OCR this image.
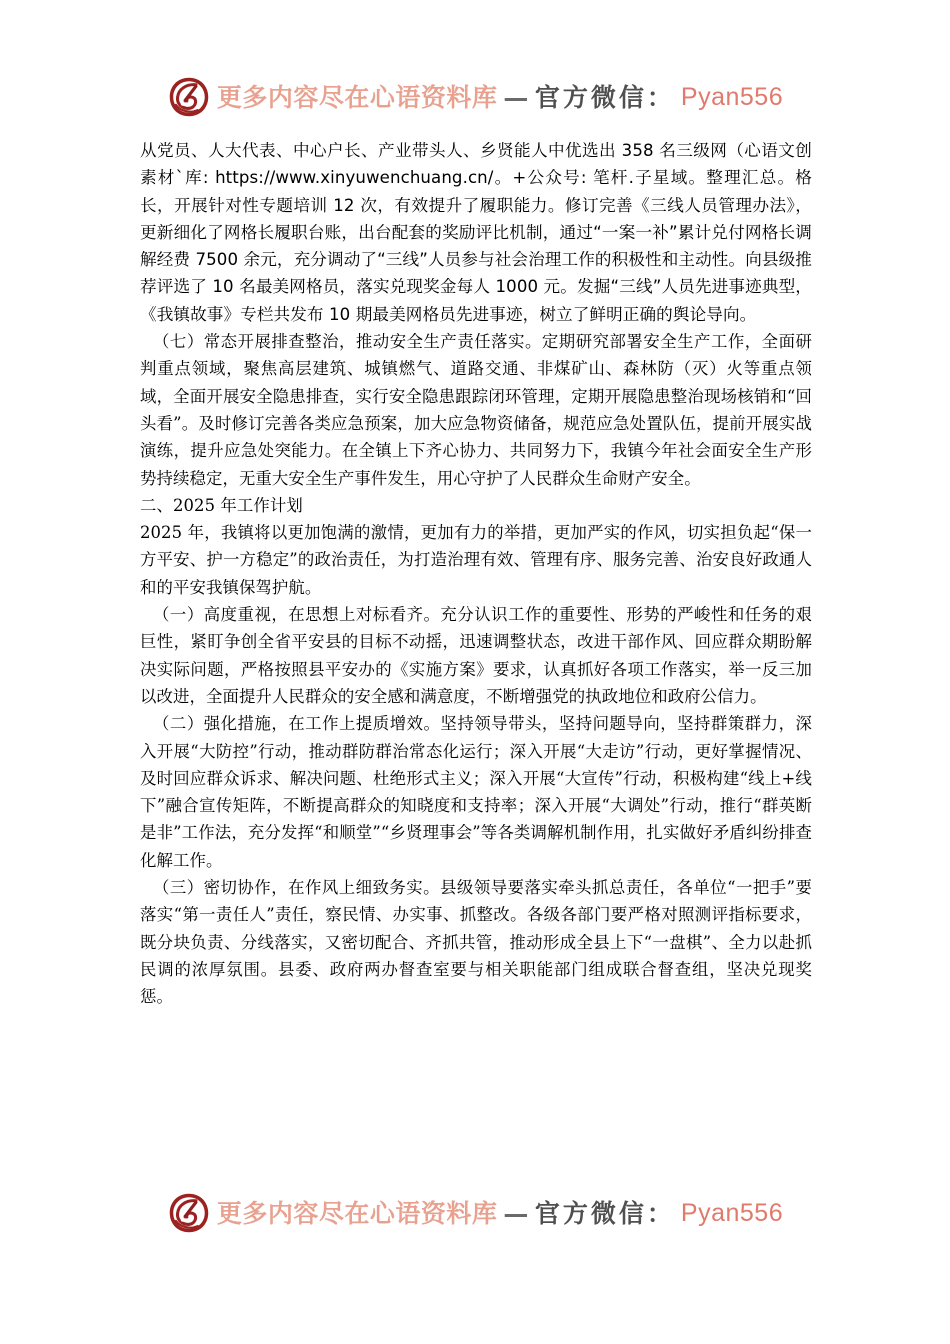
更多内容尽在心语资料库 — 官方微信： Pyan556

从党员、人大代表、中心户长、产业带头人、乡贤能人中优选出 358 名三级网（心语文创素材`库: https://www.xinyuwenchuang.cn/。+公众号: 笔杆.子星域。整理汇总。格长，开展针对性专题培训 12 次，有效提升了履职能力。修订完善《三线人员管理办法》，更新细化了网格长履职台账，出台配套的奖励评比机制，通过“一案一补”累计兑付网格长调解经费 7500 余元，充分调动了“三线”人员参与社会治理工作的积极性和主动性。向县级推荐评选了 10 名最美网格员，落实兑现奖金每人 1000 元。发掘“三线”人员先进事迹典型，《我镇故事》专栏共发布 10 期最美网格员先进事迹，树立了鲜明正确的舆论导向。

（七）常态开展排查整治，推动安全生产责任落实。定期研究部署安全生产工作，全面研判重点领域，聚焦高层建筑、城镇燃气、道路交通、非煤矿山、森林防（灭）火等重点领域，全面开展安全隐患排查，实行安全隐患跟踪闭环管理，定期开展隐患整治现场核销和“回头看”。及时修订完善各类应急预案，加大应急物资储备，规范应急处置队伍，提前开展实战演练，提升应急处突能力。在全镇上下齐心协力、共同努力下，我镇今年社会面安全生产形势持续稳定，无重大安全生产事件发生，用心守护了人民群众生命财产安全。

二、2025 年工作计划

2025 年，我镇将以更加饱满的激情，更加有力的举措，更加严实的作风，切实担负起“保一方平安、护一方稳定”的政治责任，为打造治理有效、管理有序、服务完善、治安良好政通人和的平安我镇保驾护航。

（一）高度重视，在思想上对标看齐。充分认识工作的重要性、形势的严峻性和任务的艰巨性，紧盯争创全省平安县的目标不动摇，迅速调整状态，改进干部作风、回应群众期盼解决实际问题，严格按照县平安办的《实施方案》要求，认真抓好各项工作落实，举一反三加以改进，全面提升人民群众的安全感和满意度，不断增强党的执政地位和政府公信力。

（二）强化措施，在工作上提质增效。坚持领导带头，坚持问题导向，坚持群策群力，深入开展“大防控”行动，推动群防群治常态化运行；深入开展“大走访”行动，更好掌握情况、及时回应群众诉求、解决问题、杜绝形式主义；深入开展“大宣传”行动，积极构建“线上+线下”融合宣传矩阵，不断提高群众的知晓度和支持率；深入开展“大调处”行动，推行“群英断是非”工作法，充分发挥“和顺堂”“乡贤理事会”等各类调解机制作用，扎实做好矛盾纠纷排查化解工作。

（三）密切协作，在作风上细致务实。县级领导要落实牵头抓总责任，各单位“一把手”要落实“第一责任人”责任，察民情、办实事、抓整改。各级各部门要严格对照测评指标要求，既分块负责、分线落实，又密切配合、齐抓共管，推动形成全县上下“一盘棋”、全力以赴抓民调的浓厚氛围。县委、政府两办督查室要与相关职能部门组成联合督查组，坚决兑现奖惩。

更多内容尽在心语资料库 — 官方微信： Pyan556
